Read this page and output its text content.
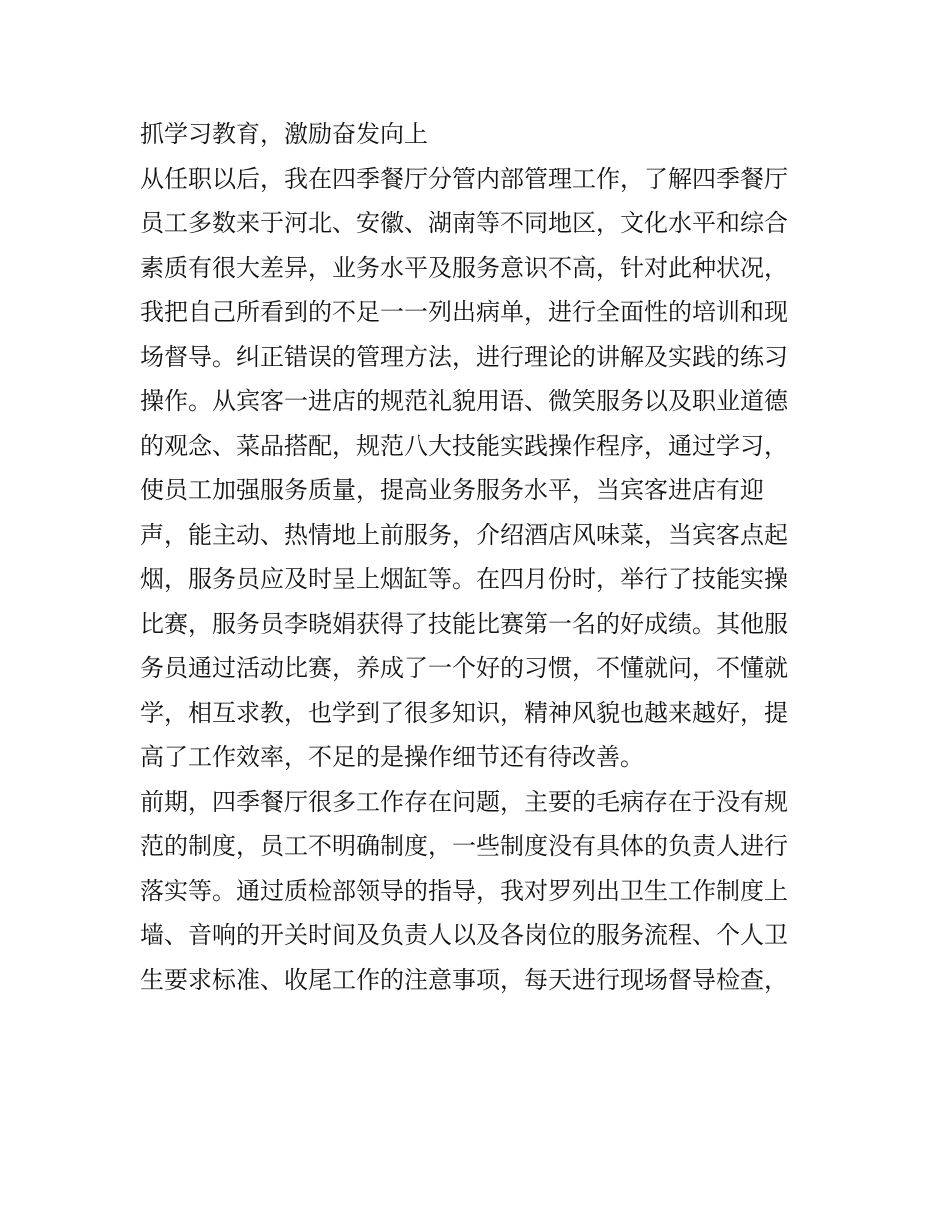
抓学习教育，激励奋发向上
从任职以后，我在四季餐厅分管内部管理工作，了解四季餐厅
员工多数来于河北、安徽、湖南等不同地区，文化水平和综合
素质有很大差异，业务水平及服务意识不高，针对此种状况，
我把自己所看到的不足一一列出病单，进行全面性的培训和现
场督导。纠正错误的管理方法，进行理论的讲解及实践的练习
操作。从宾客一进店的规范礼貌用语、微笑服务以及职业道德
的观念、菜品搭配，规范八大技能实践操作程序，通过学习，
使员工加强服务质量，提高业务服务水平，当宾客进店有迎
声，能主动、热情地上前服务，介绍酒店风味菜，当宾客点起
烟，服务员应及时呈上烟缸等。在四月份时，举行了技能实操
比赛，服务员李晓娟获得了技能比赛第一名的好成绩。其他服
务员通过活动比赛，养成了一个好的习惯，不懂就问，不懂就
学，相互求教，也学到了很多知识，精神风貌也越来越好，提
高了工作效率，不足的是操作细节还有待改善。
前期，四季餐厅很多工作存在问题，主要的毛病存在于没有规
范的制度，员工不明确制度，一些制度没有具体的负责人进行
落实等。通过质检部领导的指导，我对罗列出卫生工作制度上
墙、音响的开关时间及负责人以及各岗位的服务流程、个人卫
生要求标准、收尾工作的注意事项，每天进行现场督导检查，
